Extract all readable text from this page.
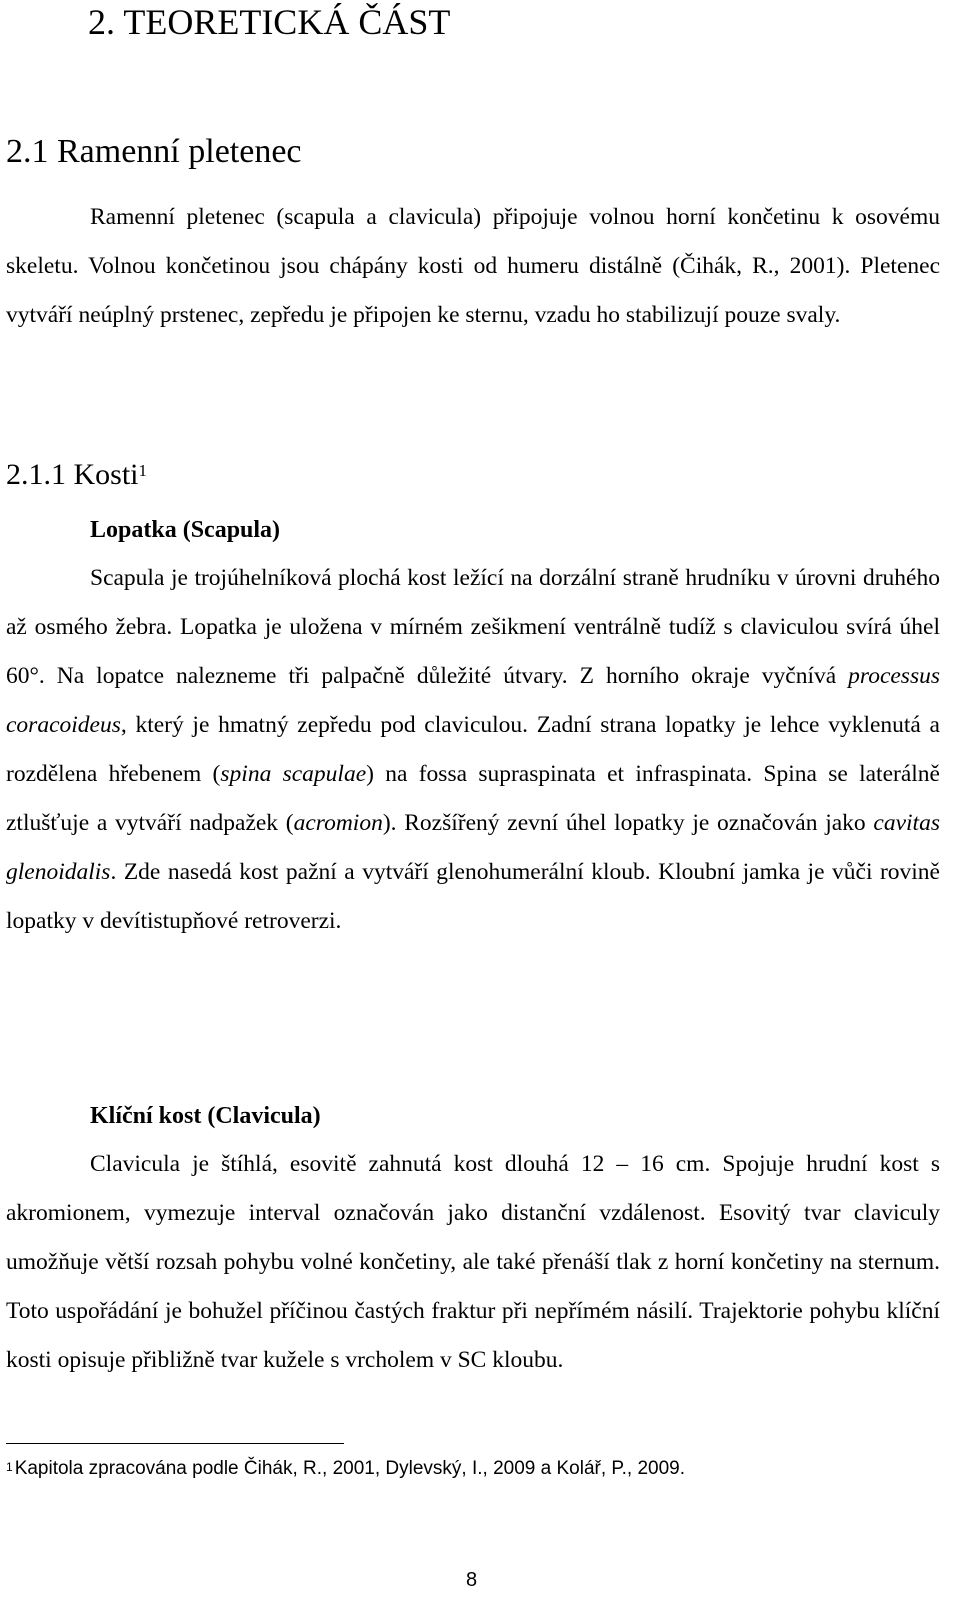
2. TEORETICKÁ ČÁST
2.1 Ramenní pletenec

Ramenní pletenec (scapula a clavicula) připojuje volnou horní končetinu k osovému skeletu. Volnou končetinou jsou chápány kosti od humeru distálně (Čihák, R., 2001). Pletenec vytváří neúplný prstenec, zepředu je připojen ke sternu, vzadu ho stabilizují pouze svaly.

2.1.1 Kosti$^1$
Lopatka (Scapula)

Scapula je trojúhelníková plochá kost ležící na dorzální straně hrudníku v úrovni druhého až osmého žebra. Lopatka je uložena v mírném zešikmení ventrálně tudíž s claviculou svírá úhel 60°. Na lopatce nalezneme tři palpačně důležité útvary. Z horního okraje vyčnívá processus coracoideus, který je hmatný zepředu pod claviculou. Zadní strana lopatky je lehce vyklenutá a rozdělena hřebenem (spina scapulae) na fossa supraspinata et infraspinata. Spina se laterálně ztlušťuje a vytváří nadpažek (acromion). Rozšířený zevní úhel lopatky je označován jako cavitas glenoidalis. Zde nasedá kost pažní a vytváří glenohumerální kloub. Kloubní jamka je vůči rovině lopatky v devítistupňové retroverzi.

Klíční kost (Clavicula)

Clavicula je štíhlá, esovitě zahnutá kost dlouhá 12 – 16 cm. Spojuje hrudní kost s akromionem, vymezuje interval označován jako distanční vzdálenost. Esovitý tvar claviculy umožňuje větší rozsah pohybu volné končetiny, ale také přenáší tlak z horní končetiny na sternum. Toto uspořádání je bohužel příčinou častých fraktur při nepřímém násilí. Trajektorie pohybu klíční kosti opisuje přibližně tvar kužele s vrcholem v SC kloubu.

$^1$ Kapitola zpracována podle Čihák, R., 2001, Dylevský, I., 2009 a Kolář, P., 2009.

8
